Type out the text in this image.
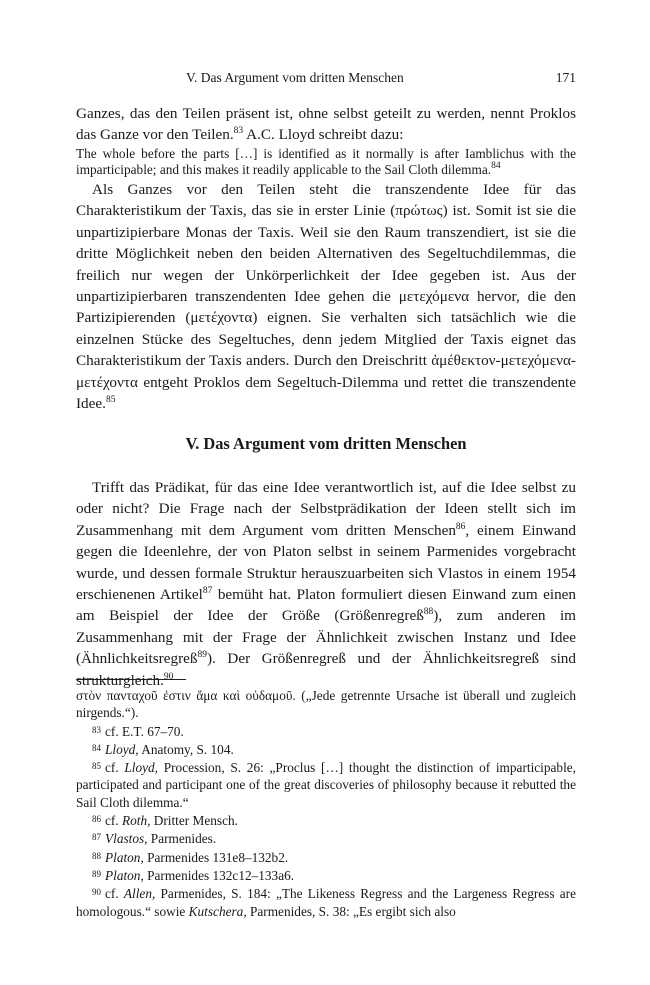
V. Das Argument vom dritten Menschen	171

Ganzes, das den Teilen präsent ist, ohne selbst geteilt zu werden, nennt Proklos das Ganze vor den Teilen.$^{83}$ A.C. Lloyd schreibt dazu:

The whole before the parts […] is identified as it normally is after Iamblichus with the imparticipable; and this makes it readily applicable to the Sail Cloth dilemma.$^{84}$

Als Ganzes vor den Teilen steht die transzendente Idee für das Charakteristikum der Taxis, das sie in erster Linie (πρώτως) ist. Somit ist sie die unpartizipierbare Monas der Taxis. Weil sie den Raum transzendiert, ist sie die dritte Möglichkeit neben den beiden Alternativen des Segeltuchdilemmas, die freilich nur wegen der Unkörperlichkeit der Idee gegeben ist. Aus der unpartizipierbaren transzendenten Idee gehen die μετεχόμενα hervor, die den Partizipierenden (μετέχοντα) eignen. Sie verhalten sich tatsächlich wie die einzelnen Stücke des Segeltuches, denn jedem Mitglied der Taxis eignet das Charakteristikum der Taxis anders. Durch den Dreischritt ἀμέθεκτον-μετεχόμενα-μετέχοντα entgeht Proklos dem Segeltuch-Dilemma und rettet die transzendente Idee.$^{85}$

V. Das Argument vom dritten Menschen

Trifft das Prädikat, für das eine Idee verantwortlich ist, auf die Idee selbst zu oder nicht? Die Frage nach der Selbstprädikation der Ideen stellt sich im Zusammenhang mit dem Argument vom dritten Menschen$^{86}$, einem Einwand gegen die Ideenlehre, der von Platon selbst in seinem Parmenides vorgebracht wurde, und dessen formale Struktur herauszuarbeiten sich Vlastos in einem 1954 erschienenen Artikel$^{87}$ bemüht hat. Platon formuliert diesen Einwand zum einen am Beispiel der Idee der Größe (Größenregreß$^{88}$), zum anderen im Zusammenhang mit der Frage der Ähnlichkeit zwischen Instanz und Idee (Ähnlichkeitsregreß$^{89}$). Der Größenregreß und der Ähnlichkeitsregreß sind strukturgleich.$^{90}$

στὸν πανταχοῦ ἐστιν ἅμα καὶ οὐδαμοῦ. („Jede getrennte Ursache ist überall und zugleich nirgends.“).

$^{83}$ cf. E.T. 67–70.

$^{84}$ Lloyd, Anatomy, S. 104.

$^{85}$ cf. Lloyd, Procession, S. 26: „Proclus […] thought the distinction of imparticipable, participated and participant one of the great discoveries of philosophy because it rebutted the Sail Cloth dilemma.“

$^{86}$ cf. Roth, Dritter Mensch.

$^{87}$ Vlastos, Parmenides.

$^{88}$ Platon, Parmenides 131e8–132b2.

$^{89}$ Platon, Parmenides 132c12–133a6.

$^{90}$ cf. Allen, Parmenides, S. 184: „The Likeness Regress and the Largeness Regress are homologous.“ sowie Kutschera, Parmenides, S. 38: „Es ergibt sich also
